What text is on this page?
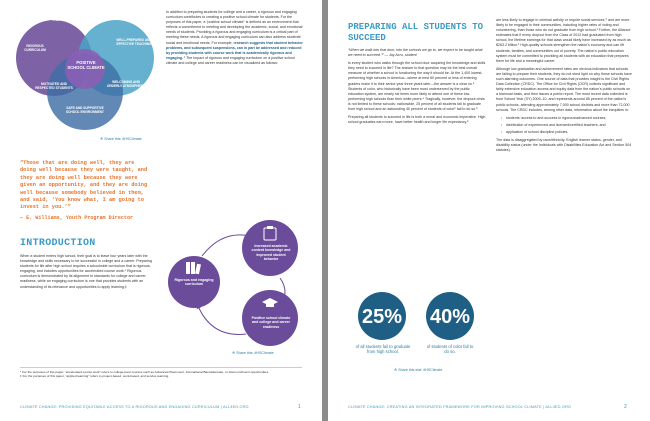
CHALLENGING AND ENGAGING COURSE WORK
RIGOROUS CURRICULUM
WELL-PREPARED AND EFFECTIVE TEACHING
POSITIVE SCHOOL CLIMATE
MOTIVATED AND RESPECTED STUDENTS
WELCOMING AND ORDERLY ATMOSPHERE
SAFE AND SUPPORTIVE SCHOOL ENVIRONMENT
☘ Share this: #HSClimate
“Those that are doing well, they are doing well because they were taught, and they are doing well because they were given an opportunity, and they are doing well because somebody believed in them, and said, ‘You know what, I am going to invest in you.’”
— E. Williams, Youth Program Director
INTRODUCTION

When a student enters high school, their goal is to leave four years later with the knowledge and skills necessary to be successful in college and a career. Preparing students for life after high school requires a schoolwide curriculum that is rigorous, engaging, and includes opportunities for accelerated course work.* Rigorous curriculum is demonstrated by its alignment to standards for college and career readiness, while an engaging curriculum is one that provides students with an understanding of its relevance and opportunities to apply learning.‡

In addition to preparing students for college and a career, a rigorous and engaging curriculum contributes to creating a positive school climate for students. For the purposes of this paper, a “positive school climate” is defined as an environment that reflects a commitment to meeting and developing the academic, social, and emotional needs of students. Providing a rigorous and engaging curriculum is a critical part of meeting these needs. A rigorous and engaging curriculum can also address students’ social and emotional needs. For example, research suggests that student behavior problems, and subsequent suspensions, can in part be addressed and reduced by providing students with course work that is academically rigorous and engaging. ¹ The impact of rigorous and engaging curriculum on a positive school climate and college and career readiness can be visualized as follows:

Increased academic content knowledge and improved student behavior
Rigorous and engaging curriculum
Positive school climate and college and career readiness
☘ Share this: #HSClimate
* For the purposes of this paper, “accelerated course work” refers to college-level courses such as Advanced Placement, International Baccalaureate, or dual enrollment opportunities.
‡ For the purposes of this paper, “applied learning” refers to project-based, work-based, and service learning.
CLIMATE CHANGE: PROVIDING EQUITABLE ACCESS TO A RIGOROUS AND ENGAGING CURRICULUM | ALL4ED.ORG	1
PREPARING ALL STUDENTS TO SUCCEED

“When we walk into that door, into the schools we go to, we expect to be taught what we need to succeed.”² — Jay Acru, student

Is every student who walks through the school door acquiring the knowledge and skills they need to succeed in life? The answer to that question may be the best overall measure of whether a school is functioning the way it should be. At the 1,400 lowest-performing high schools in America—where at best 60 percent or less of entering graders make it to their senior year three years later—the answer is a clear no.³ Students of color, who historically have been most underserved by the public education system, are nearly six times more likely to attend one of these low-performing high schools than their white peers.⁴ Tragically, however, the dropout crisis is not limited to these schools: nationwide, 25 percent of all students fail to graduate from high school and an astounding 40 percent of students of color⁵ fail to do so.⁶

Preparing all students to succeed in life is both a moral and economic imperative. High school graduates earn more, have better health and longer life expectancy,⁸

25% 40%
of all students fail to graduate from high school.
of students of color fail to do so.
☘ Share this stat: #HSClimate

are less likely to engage in criminal activity or require social services,⁹ and are more likely to be engaged in their communities, including higher rates of voting and volunteering, than those who do not graduate from high school.¹ Further, the Alliance estimates that if every dropout from the Class of 2012 had graduated from high school, the lifetime earnings for that class would likely have increased by as much as $263.2 billion.¹ High-quality schools strengthen the nation’s economy and can lift students, families, and communities out of poverty. The nation’s public education system must be committed to providing all students with an education that prepares them for life and a meaningful career.

Although low graduation and achievement rates are obvious indicators that schools are failing to prepare their students, they do not shed light on why these schools have such alarming outcomes. One source of data that provides insight is the Civil Rights Data Collection (CRDC). The Office for Civil Rights (OCR) collects significant and fairly extensive education access and equity data from the nation’s public schools on a biannual basis, and then issues a public report. The most recent data collected is from School Year (SY) 2009–10, and represents around 85 percent of the nation’s public schools, attending approximately 7,000 school districts and more than 72,000 schools. The CRDC includes, among other data, information about the inequities in:

• students’ access to and success in rigorous/advanced courses;
• distribution of experienced and licensed/certified teachers; and
• application of school discipline policies.

The data is disaggregated by race/ethnicity, English learner status, gender, and disability status (under the Individuals with Disabilities Education Act and Section 504 statutes).

CLIMATE CHANGE: CREATING AN INTEGRATED FRAMEWORK FOR IMPROVING SCHOOL CLIMATE | ALL4ED.ORG	2
